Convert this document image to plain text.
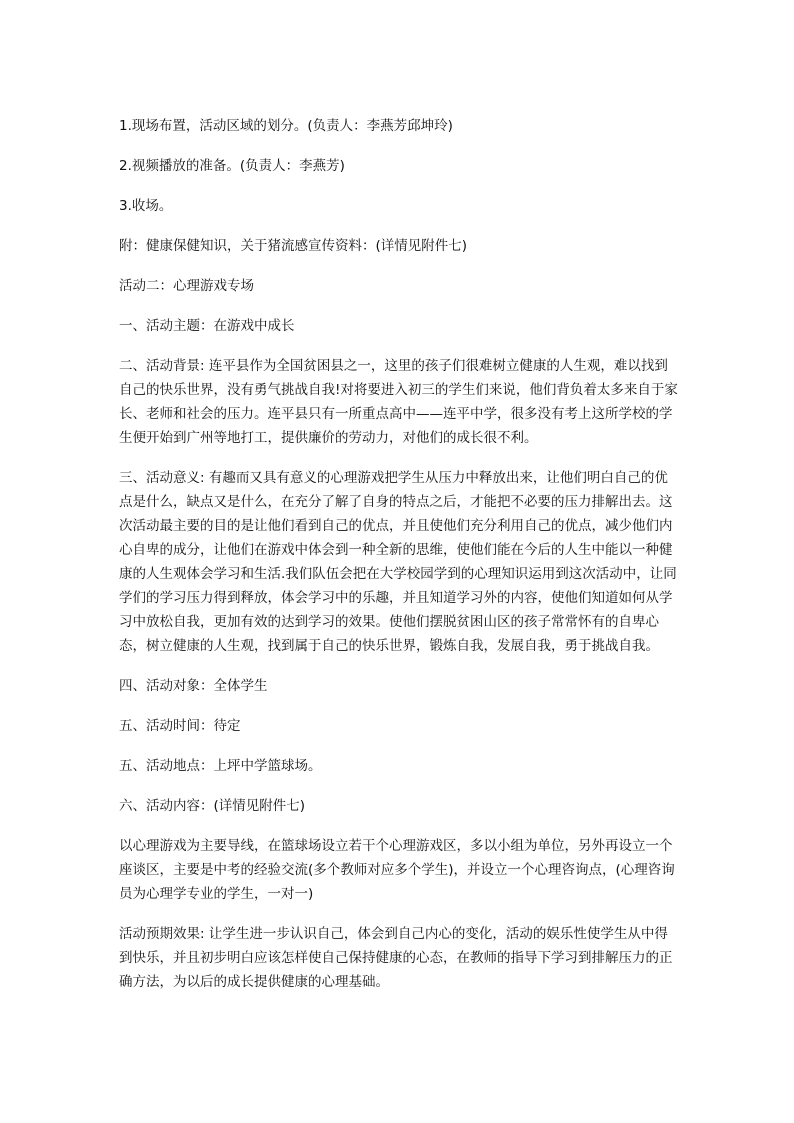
1.现场布置，活动区域的划分。(负责人：李燕芳邱坤玲)

2.视频播放的准备。(负责人：李燕芳)

3.收场。

附：健康保健知识，关于猪流感宣传资料：(详情见附件七)

活动二：心理游戏专场

一、活动主题：在游戏中成长

二、活动背景: 连平县作为全国贫困县之一，这里的孩子们很难树立健康的人生观，难以找到自己的快乐世界，没有勇气挑战自我!对将要进入初三的学生们来说，他们背负着太多来自于家长、老师和社会的压力。连平县只有一所重点高中——连平中学，很多没有考上这所学校的学生便开始到广州等地打工，提供廉价的劳动力，对他们的成长很不利。

三、活动意义: 有趣而又具有意义的心理游戏把学生从压力中释放出来，让他们明白自己的优点是什么，缺点又是什么，在充分了解了自身的特点之后，才能把不必要的压力排解出去。这次活动最主要的目的是让他们看到自己的优点，并且使他们充分利用自己的优点，减少他们内心自卑的成分，让他们在游戏中体会到一种全新的思维，使他们能在今后的人生中能以一种健康的人生观体会学习和生活.我们队伍会把在大学校园学到的心理知识运用到这次活动中，让同学们的学习压力得到释放，体会学习中的乐趣，并且知道学习外的内容，使他们知道如何从学习中放松自我，更加有效的达到学习的效果。使他们摆脱贫困山区的孩子常常怀有的自卑心态，树立健康的人生观，找到属于自己的快乐世界，锻炼自我，发展自我，勇于挑战自我。

四、活动对象：全体学生

五、活动时间：待定

五、活动地点：上坪中学篮球场。

六、活动内容：(详情见附件七)

以心理游戏为主要导线，在篮球场设立若干个心理游戏区，多以小组为单位，另外再设立一个座谈区，主要是中考的经验交流(多个教师对应多个学生)，并设立一个心理咨询点，(心理咨询员为心理学专业的学生，一对一)

活动预期效果: 让学生进一步认识自己，体会到自己内心的变化，活动的娱乐性使学生从中得到快乐，并且初步明白应该怎样使自己保持健康的心态，在教师的指导下学习到排解压力的正确方法，为以后的成长提供健康的心理基础。
